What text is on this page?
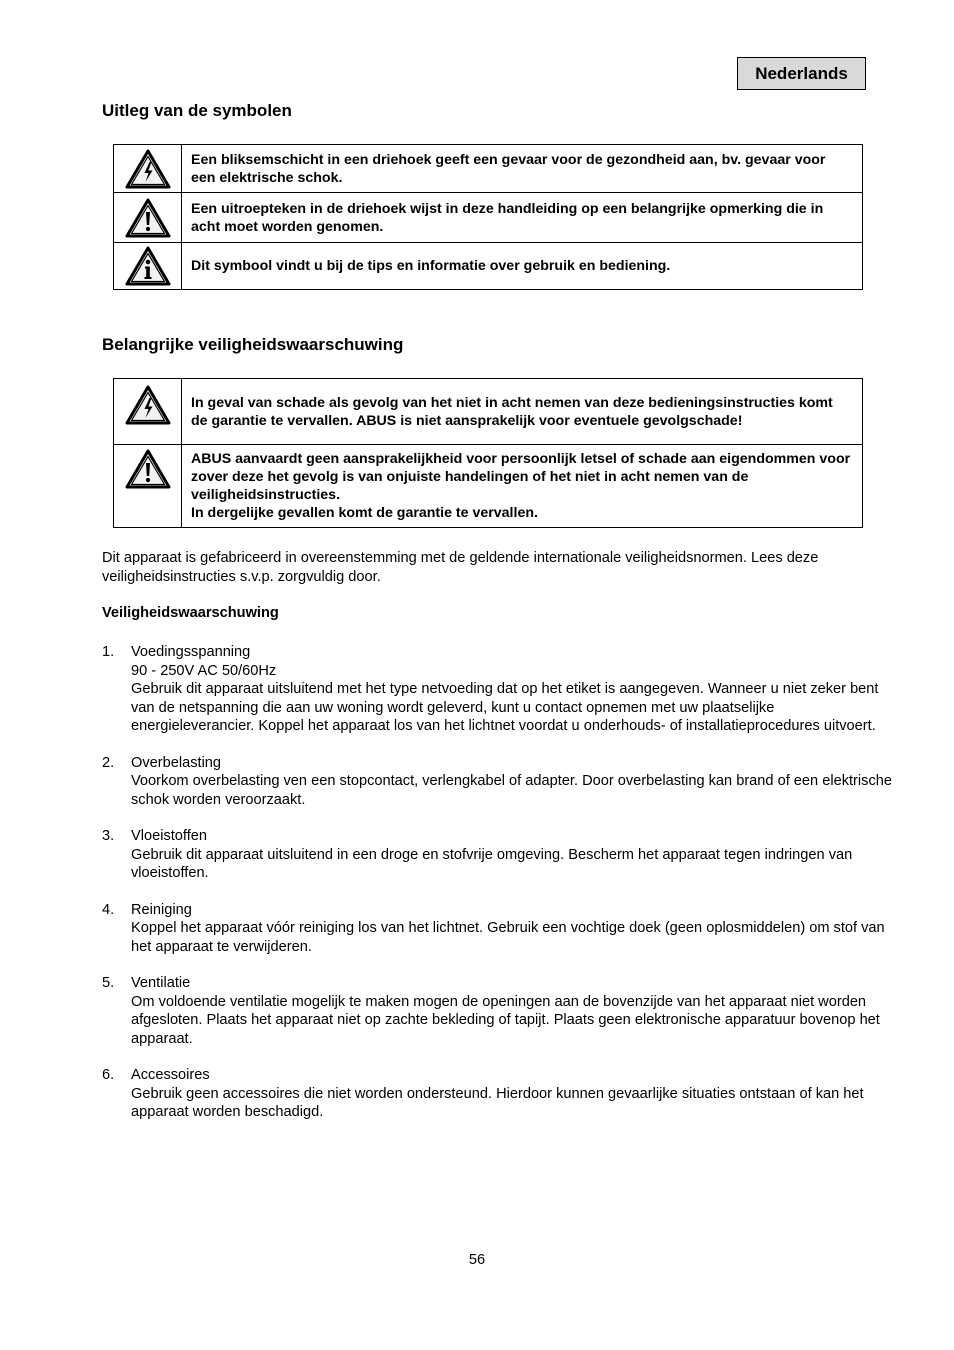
Nederlands
Uitleg van de symbolen
	Een bliksemschicht in een driehoek geeft een gevaar voor de gezondheid aan, bv. gevaar voor een elektrische schok.

	Een uitroepteken in de driehoek wijst in deze handleiding op een belangrijke opmerking die in acht moet worden genomen.

	Dit symbool vindt u bij de tips en informatie over gebruik en bediening.
Belangrijke veiligheidswaarschuwing
	In geval van schade als gevolg van het niet in acht nemen van deze bedieningsinstructies komt de garantie te vervallen. ABUS is niet aansprakelijk voor eventuele gevolgschade!

	ABUS aanvaardt geen aansprakelijkheid voor persoonlijk letsel of schade aan eigendommen voor zover deze het gevolg is van onjuiste handelingen of het niet in acht nemen van de veiligheidsinstructies.
In dergelijke gevallen komt de garantie te vervallen.

Dit apparaat is gefabriceerd in overeenstemming met de geldende internationale veiligheidsnormen. Lees deze veiligheidsinstructies s.v.p. zorgvuldig door.

Veiligheidswaarschuwing

1. Voedingsspanning
90 - 250V AC 50/60Hz
Gebruik dit apparaat uitsluitend met het type netvoeding dat op het etiket is aangegeven. Wanneer u niet zeker bent van de netspanning die aan uw woning wordt geleverd, kunt u contact opnemen met uw plaatselijke energieleverancier. Koppel het apparaat los van het lichtnet voordat u onderhouds- of installatieprocedures uitvoert.
2. Overbelasting
Voorkom overbelasting ven een stopcontact, verlengkabel of adapter. Door overbelasting kan brand of een elektrische schok worden veroorzaakt.
3. Vloeistoffen
Gebruik dit apparaat uitsluitend in een droge en stofvrije omgeving. Bescherm het apparaat tegen indringen van vloeistoffen.
4. Reiniging
Koppel het apparaat vóór reiniging los van het lichtnet. Gebruik een vochtige doek (geen oplosmiddelen) om stof van het apparaat te verwijderen.
5. Ventilatie
Om voldoende ventilatie mogelijk te maken mogen de openingen aan de bovenzijde van het apparaat niet worden afgesloten. Plaats het apparaat niet op zachte bekleding of tapijt. Plaats geen elektronische apparatuur bovenop het apparaat.
6. Accessoires
Gebruik geen accessoires die niet worden ondersteund. Hierdoor kunnen gevaarlijke situaties ontstaan of kan het apparaat worden beschadigd.
56
